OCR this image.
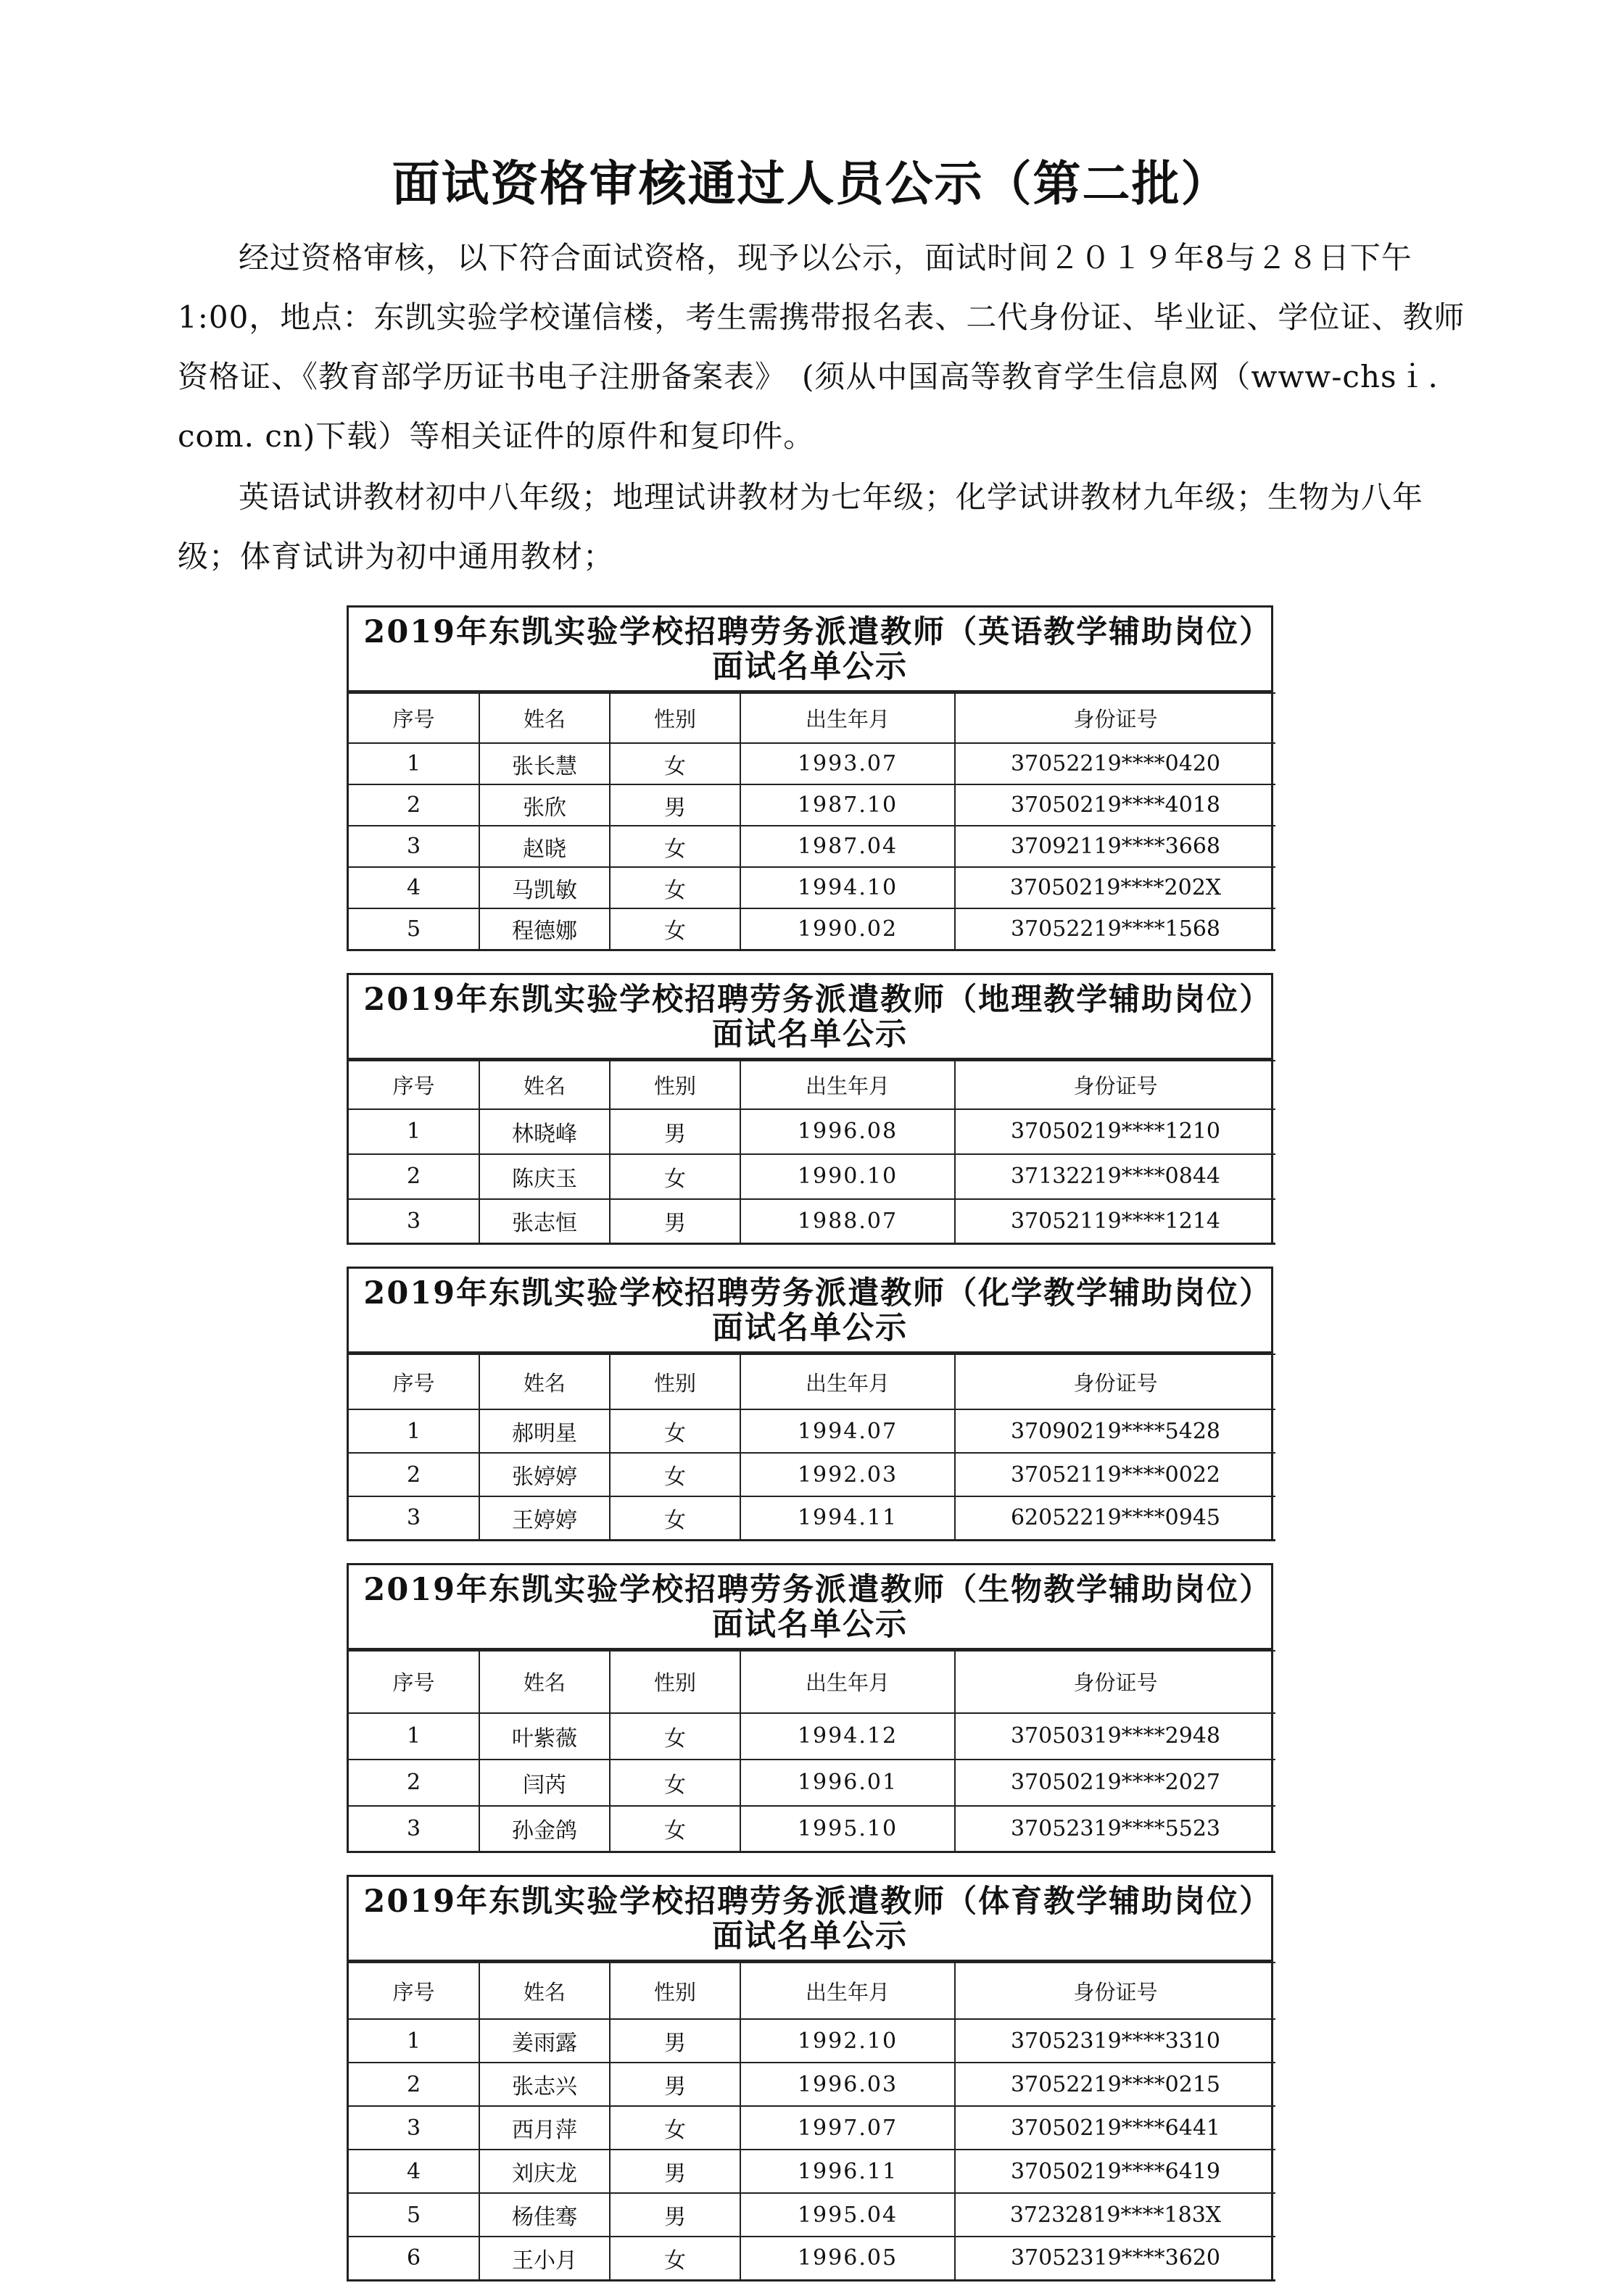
面试资格审核通过人员公示（第二批）

经过资格审核，以下符合面试资格，现予以公示，面试时间２０１９年8与２８日下午1:00，地点：东凯实验学校谨信楼，考生需携带报名表、二代身份证、毕业证、学位证、教师资格证、《教育部学历证书电子注册备案表》　(须从中国高等教育学生信息网（www-chsｉ. com. cn)下载）等相关证件的原件和复印件。

英语试讲教材初中八年级；地理试讲教材为七年级；化学试讲教材九年级；生物为八年级；体育试讲为初中通用教材；

2019年东凯实验学校招聘劳务派遣教师（英语教学辅助岗位）面试名单公示
序号	姓名	性别	出生年月	身份证号
1	张长慧	女	1993.07	37052219****0420
2	张欣	男	1987.10	37050219****4018
3	赵晓	女	1987.04	37092119****3668
4	马凯敏	女	1994.10	37050219****202X
5	程德娜	女	1990.02	37052219****1568
2019年东凯实验学校招聘劳务派遣教师（地理教学辅助岗位）面试名单公示
序号	姓名	性别	出生年月	身份证号
1	林晓峰	男	1996.08	37050219****1210
2	陈庆玉	女	1990.10	37132219****0844
3	张志恒	男	1988.07	37052119****1214
2019年东凯实验学校招聘劳务派遣教师（化学教学辅助岗位）面试名单公示
序号	姓名	性别	出生年月	身份证号
1	郝明星	女	1994.07	37090219****5428
2	张婷婷	女	1992.03	37052119****0022
3	王婷婷	女	1994.11	62052219****0945
2019年东凯实验学校招聘劳务派遣教师（生物教学辅助岗位）面试名单公示
序号	姓名	性别	出生年月	身份证号
1	叶紫薇	女	1994.12	37050319****2948
2	闫芮	女	1996.01	37050219****2027
3	孙金鸽	女	1995.10	37052319****5523
2019年东凯实验学校招聘劳务派遣教师（体育教学辅助岗位）面试名单公示
序号	姓名	性别	出生年月	身份证号
1	姜雨露	男	1992.10	37052319****3310
2	张志兴	男	1996.03	37052219****0215
3	西月萍	女	1997.07	37050219****6441
4	刘庆龙	男	1996.11	37050219****6419
5	杨佳骞	男	1995.04	37232819****183X
6	王小月	女	1996.05	37052319****3620
